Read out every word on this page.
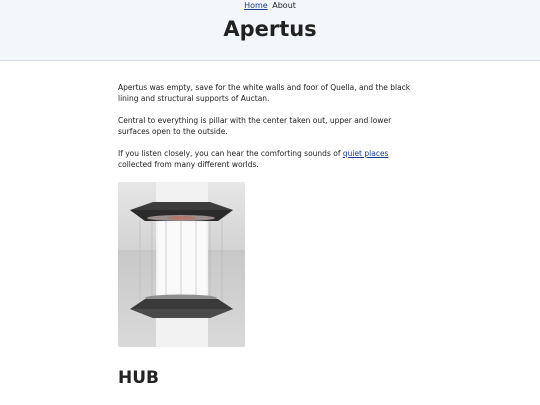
Home About
Apertus

Apertus was empty, save for the white walls and foor of Quella, and the black lining and structural supports of Auctan.

Central to everything is pillar with the center taken out, upper and lower surfaces open to the outside.

If you listen closely, you can hear the comforting sounds of quiet places collected from many different worlds.

HUB
